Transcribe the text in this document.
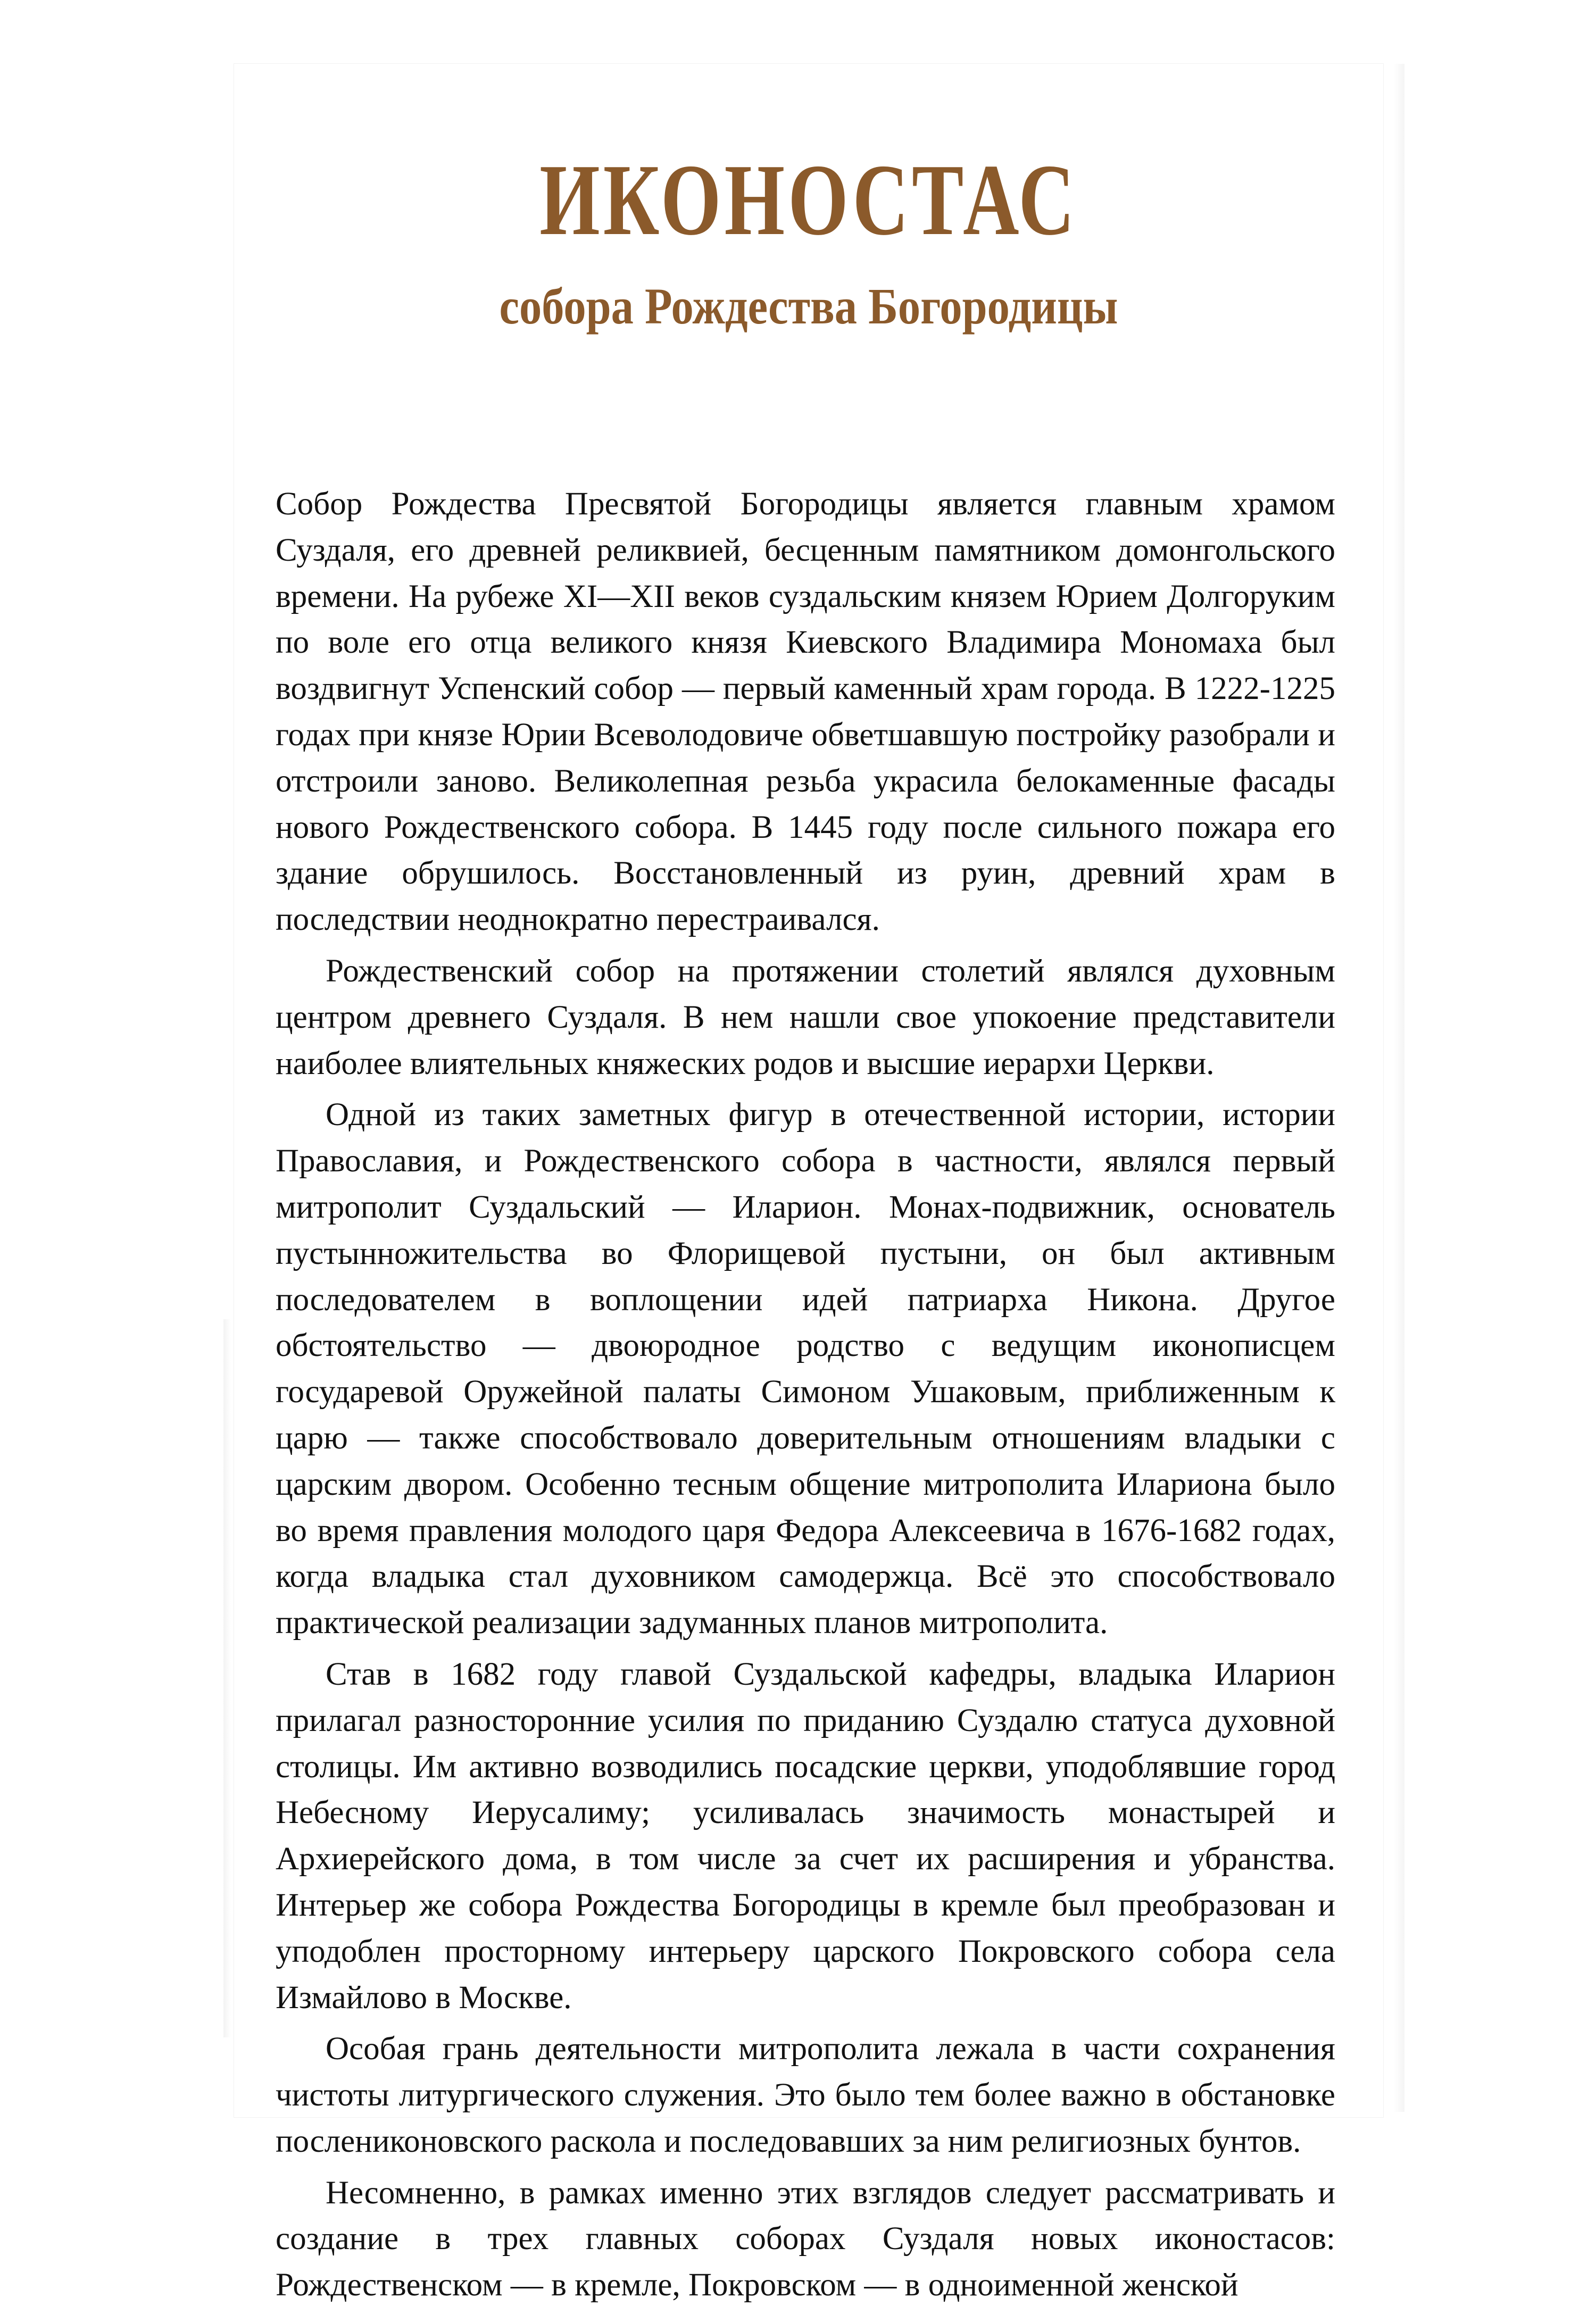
ИКОНОСТАС
собора Рождества Богородицы

Собор Рождества Пресвятой Богородицы является главным храмом Суздаля, его древней реликвией, бесценным памятником домонгольского времени. На рубеже XI—XII веков суздальским князем Юрием Долгоруким по воле его отца великого князя Киевского Владимира Мономаха был воздвигнут Успенский собор — первый каменный храм города. В 1222-1225 годах при князе Юрии Всеволодовиче обветшавшую постройку разобрали и отстроили заново. Великолепная резьба украсила белокаменные фасады нового Рождественского собора. В 1445 году после сильного пожара его здание обрушилось. Восстановленный из руин, древний храм в последствии неоднократно перестраивался.

Рождественский собор на протяжении столетий являлся духовным центром древнего Суздаля. В нем нашли свое упокоение представители наиболее влиятельных княжеских родов и высшие иерархи Церкви.

Одной из таких заметных фигур в отечественной истории, истории Православия, и Рождественского собора в частности, являлся первый митрополит Суздальский — Иларион. Монах-подвижник, основатель пустынножительства во Флорищевой пустыни, он был активным последователем в воплощении идей патриарха Никона. Другое обстоятельство — двоюродное родство с ведущим иконописцем государевой Оружейной палаты Симоном Ушаковым, приближенным к царю — также способствовало доверительным отношениям владыки с царским двором. Особенно тесным общение митрополита Илариона было во время правления молодого царя Федора Алексеевича в 1676-1682 годах, когда владыка стал духовником самодержца. Всё это способствовало практической реализации задуманных планов митрополита.

Став в 1682 году главой Суздальской кафедры, владыка Иларион прилагал разносторонние усилия по приданию Суздалю статуса духовной столицы. Им активно возводились посадские церкви, уподоблявшие город Небесному Иерусалиму; усиливалась значимость монастырей и Архиерейского дома, в том числе за счет их расширения и убранства. Интерьер же собора Рождества Богородицы в кремле был преобразован и уподоблен просторному интерьеру царского Покровского собора села Измайлово в Москве.

Особая грань деятельности митрополита лежала в части сохранения чистоты литургического служения. Это было тем более важно в обстановке послениконовского раскола и последовавших за ним религиозных бунтов.

Несомненно, в рамках именно этих взглядов следует рассматривать и создание в трех главных соборах Суздаля новых иконостасов: Рождественском — в кремле, Покровском — в одноименной женской
